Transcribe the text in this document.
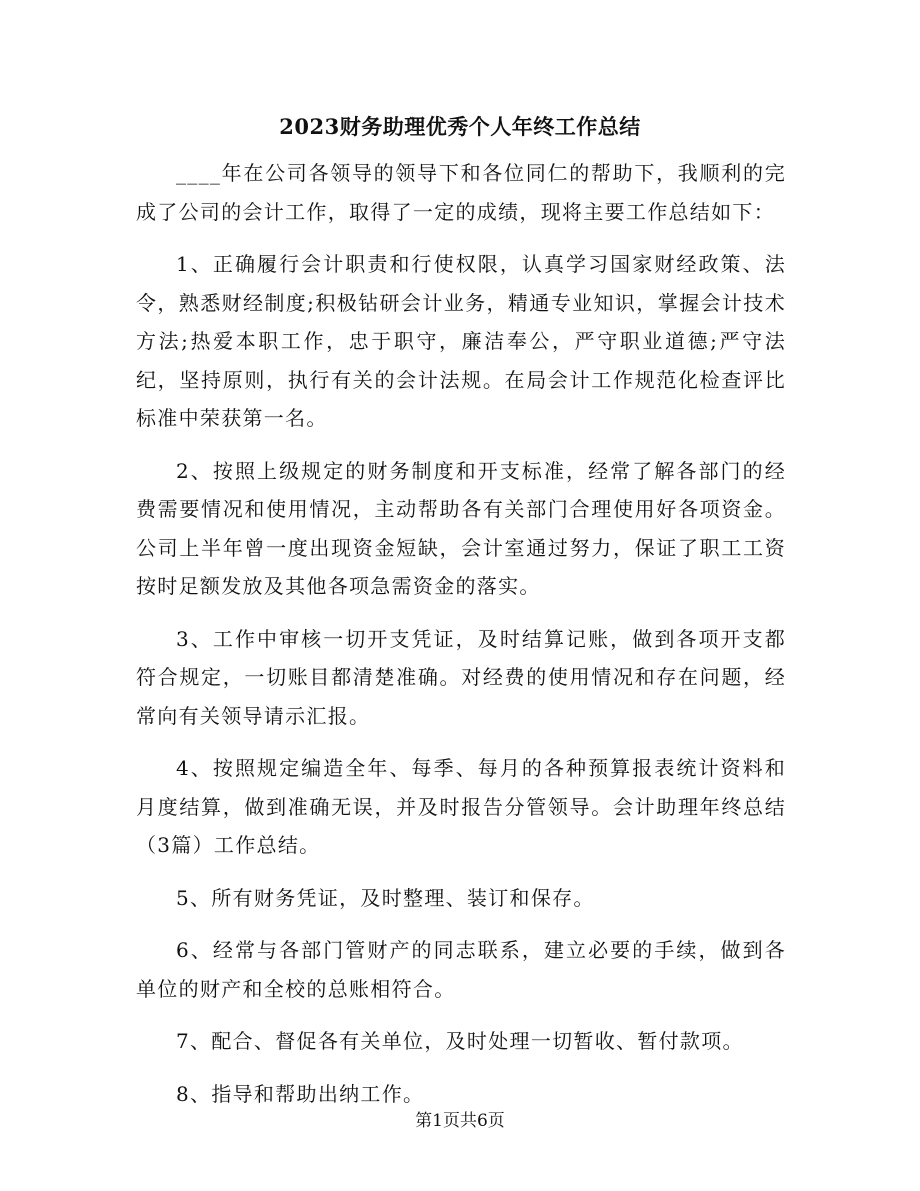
2023财务助理优秀个人年终工作总结

____年在公司各领导的领导下和各位同仁的帮助下，我顺利的完成了公司的会计工作，取得了一定的成绩，现将主要工作总结如下：

1、正确履行会计职责和行使权限，认真学习国家财经政策、法令，熟悉财经制度;积极钻研会计业务，精通专业知识，掌握会计技术方法;热爱本职工作，忠于职守，廉洁奉公，严守职业道德;严守法纪，坚持原则，执行有关的会计法规。在局会计工作规范化检查评比标准中荣获第一名。

2、按照上级规定的财务制度和开支标准，经常了解各部门的经费需要情况和使用情况，主动帮助各有关部门合理使用好各项资金。公司上半年曾一度出现资金短缺，会计室通过努力，保证了职工工资按时足额发放及其他各项急需资金的落实。

3、工作中审核一切开支凭证，及时结算记账，做到各项开支都符合规定，一切账目都清楚准确。对经费的使用情况和存在问题，经常向有关领导请示汇报。

4、按照规定编造全年、每季、每月的各种预算报表统计资料和月度结算，做到准确无误，并及时报告分管领导。会计助理年终总结（3篇）工作总结。

5、所有财务凭证，及时整理、装订和保存。

6、经常与各部门管财产的同志联系，建立必要的手续，做到各单位的财产和全校的总账相符合。

7、配合、督促各有关单位，及时处理一切暂收、暂付款项。

8、指导和帮助出纳工作。

第1页共6页
